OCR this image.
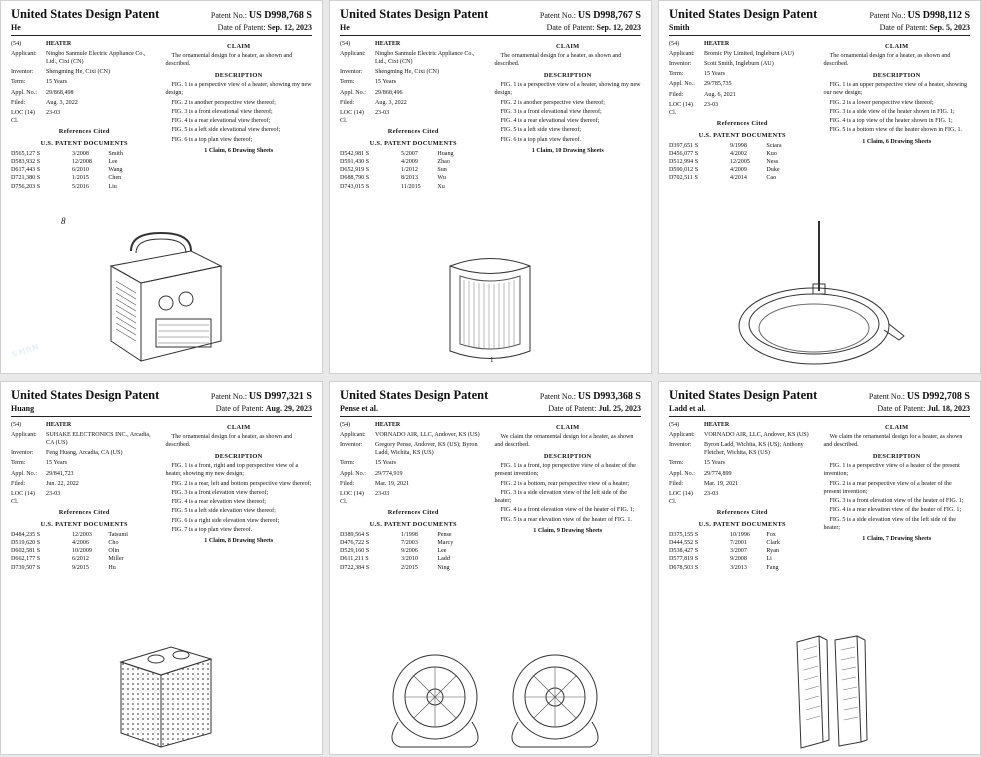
United States Design Patent
He
Patent No.: US D998,768 S
Date of Patent: Sep. 12, 2023
(54)	HEATER
Applicant:	Ningbo Sanmule Electric Appliance Co., Ltd., Cixi (CN)
Inventor:	Shengming He, Cixi (CN)
Term:	15 Years
Appl. No.:	29/868,498
Filed:	Aug. 3, 2022
LOC (14) Cl.
23-03
References Cited
U.S. PATENT DOCUMENTS
D565,127 S	3/2008	Smith
D583,932 S	12/2008	Lee
D617,443 S	6/2010	Wang
D721,380 S	1/2015	Chen
D756,203 S	5/2016	Liu
CLAIM
The ornamental design for a heater, as shown and described.
DESCRIPTION
FIG. 1 is a perspective view of a heater, showing my new design;
FIG. 2 is another perspective view thereof;
FIG. 3 is a front elevational view thereof;
FIG. 4 is a rear elevational view thereof;
FIG. 5 is a left side elevational view thereof;
FIG. 6 is a top plan view thereof;
1 Claim, 6 Drawing Sheets
8
专利查询
United States Design Patent
He
Patent No.: US D998,767 S
Date of Patent: Sep. 12, 2023
(54)	HEATER
Applicant:	Ningbo Sanmule Electric Appliance Co., Ltd., Cixi (CN)
Inventor:	Shengming He, Cixi (CN)
Term:	15 Years
Appl. No.:	29/868,496
Filed:	Aug. 3, 2022
LOC (14) Cl.
23-03
References Cited
U.S. PATENT DOCUMENTS
D542,981 S	5/2007	Huang
D591,430 S	4/2009	Zhao
D652,919 S	1/2012	Sun
D688,790 S	8/2013	Wu
D743,015 S	11/2015	Xu
CLAIM
The ornamental design for a heater, as shown and described.
DESCRIPTION
FIG. 1 is a perspective view of a heater, showing my new design;
FIG. 2 is another perspective view thereof;
FIG. 3 is a front elevational view thereof;
FIG. 4 is a rear elevational view thereof;
FIG. 5 is a left side view thereof;
FIG. 6 is a top plan view thereof.
1 Claim, 10 Drawing Sheets
1
United States Design Patent
Smith
Patent No.: US D998,112 S
Date of Patent: Sep. 5, 2023
(54)	HEATER
Applicant:	Bromic Pty Limited, Ingleburn (AU)
Inventor:	Scott Smith, Ingleburn (AU)
Term:	15 Years
Appl. No.:	29/785,735
Filed:	Aug. 6, 2021
LOC (14) Cl.
23-03
References Cited
U.S. PATENT DOCUMENTS
D397,651 S	9/1998	Sciara
D456,077 S	4/2002	Kuo
D512,994 S	12/2005	Ness
D590,012 S	4/2009	Duke
D702,511 S	4/2014	Cao
CLAIM
The ornamental design for a heater, as shown and described.
DESCRIPTION
FIG. 1 is an upper perspective view of a heater, showing our new design;
FIG. 2 is a lower perspective view thereof;
FIG. 3 is a side view of the heater shown in FIG. 1;
FIG. 4 is a top view of the heater shown in FIG. 1;
FIG. 5 is a bottom view of the heater shown in FIG. 1.
1 Claim, 6 Drawing Sheets
United States Design Patent
Huang
Patent No.: US D997,321 S
Date of Patent: Aug. 29, 2023
(54)	HEATER
Applicant:	SUHAKE ELECTRONICS INC., Arcadia, CA (US)
Inventor:	Feng Huang, Arcadia, CA (US)
Term:	15 Years
Appl. No.:	29/841,723
Filed:	Jun. 22, 2022
LOC (14) Cl.
23-03
References Cited
U.S. PATENT DOCUMENTS
D484,235 S	12/2003	Tatsumi
D519,620 S	4/2006	Cho
D602,581 S	10/2009	Olin
D662,177 S	6/2012	Miller
D739,507 S	9/2015	Hu
CLAIM
The ornamental design for a heater, as shown and described.
DESCRIPTION
FIG. 1 is a front, right and top perspective view of a heater, showing my new design;
FIG. 2 is a rear, left and bottom perspective view thereof;
FIG. 3 is a front elevation view thereof;
FIG. 4 is a rear elevation view thereof;
FIG. 5 is a left side elevation view thereof;
FIG. 6 is a right side elevation view thereof;
FIG. 7 is a top plan view thereof.
1 Claim, 8 Drawing Sheets
United States Design Patent
Pense et al.
Patent No.: US D993,368 S
Date of Patent: Jul. 25, 2023
(54)	HEATER
Applicant:	VORNADO AIR, LLC, Andover, KS (US)
Inventor:	Gregory Pense, Andover, KS (US); Byron Ladd, Wichita, KS (US)
Term:	15 Years
Appl. No.:	29/774,919
Filed:	Mar. 19, 2021
LOC (14) Cl.
23-03
References Cited
U.S. PATENT DOCUMENTS
D389,564 S	1/1998	Pense
D476,722 S	7/2003	Marcy
D529,160 S	9/2006	Lee
D611,211 S	3/2010	Ladd
D722,384 S	2/2015	Ning
CLAIM
We claim the ornamental design for a heater, as shown and described.
DESCRIPTION
FIG. 1 is a front, top perspective view of a heater of the present invention;
FIG. 2 is a bottom, rear perspective view of a heater;
FIG. 3 is a side elevation view of the left side of the heater;
FIG. 4 is a front elevation view of the heater of FIG. 1;
FIG. 5 is a rear elevation view of the heater of FIG. 1.
1 Claim, 9 Drawing Sheets
United States Design Patent
Ladd et al.
Patent No.: US D992,708 S
Date of Patent: Jul. 18, 2023
(54)	HEATER
Applicant:	VORNADO AIR, LLC, Andover, KS (US)
Inventor:	Byron Ladd, Wichita, KS (US); Anthony Fletcher, Wichita, KS (US)
Term:	15 Years
Appl. No.:	29/774,899
Filed:	Mar. 19, 2021
LOC (14) Cl.
23-03
References Cited
U.S. PATENT DOCUMENTS
D375,155 S	10/1996	Fox
D444,552 S	7/2001	Clark
D538,427 S	3/2007	Ryan
D577,819 S	9/2008	Li
D678,503 S	3/2013	Fang
CLAIM
We claim the ornamental design for a heater, as shown and described.
DESCRIPTION
FIG. 1 is a perspective view of a heater of the present invention;
FIG. 2 is a rear perspective view of a heater of the present invention;
FIG. 3 is a front elevation view of the heater of FIG. 1;
FIG. 4 is a rear elevation view of the heater of FIG. 1;
FIG. 5 is a side elevation view of the left side of the heater;
1 Claim, 7 Drawing Sheets
